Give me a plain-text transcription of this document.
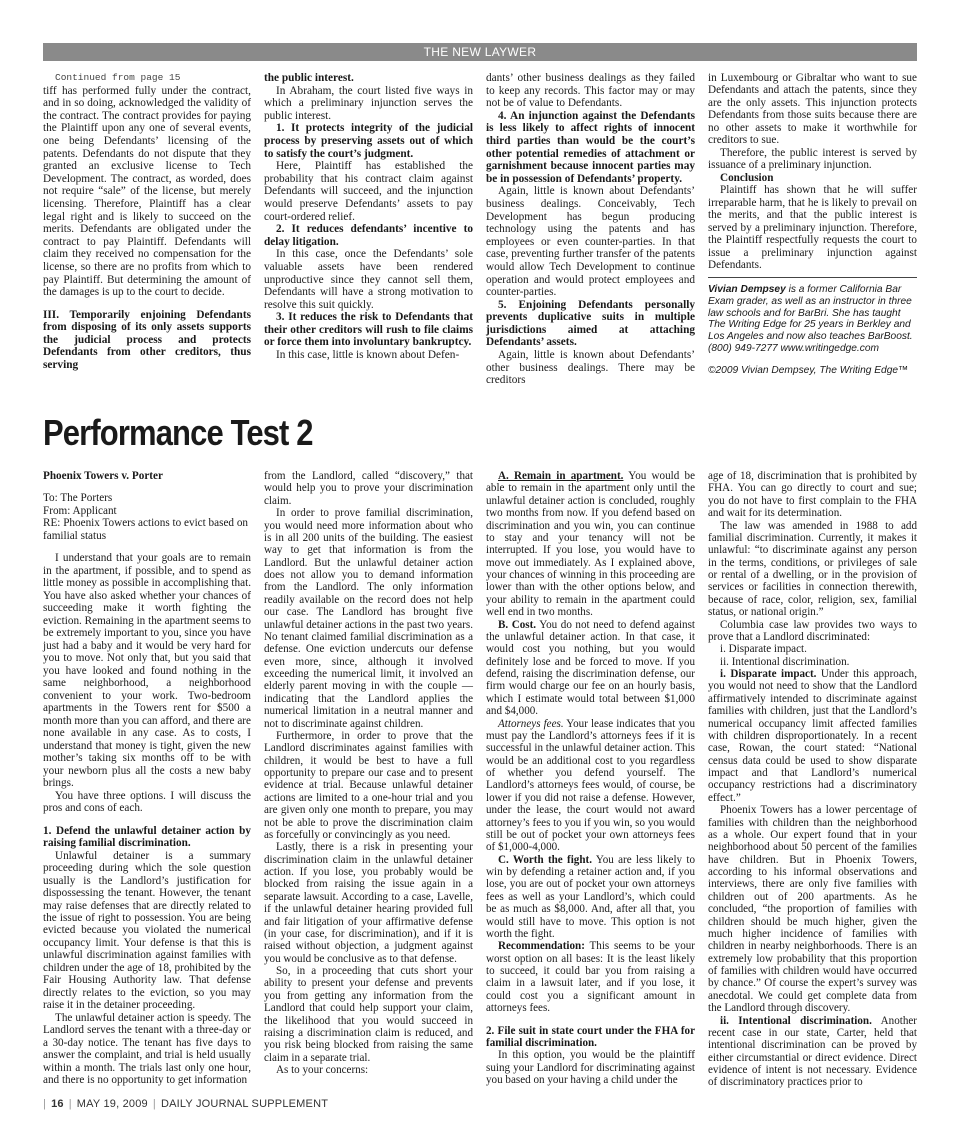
THE NEW LAYWER

Continued from page 15

tiff has performed fully under the contract, and in so doing, acknowledged the validity of the contract. The contract provides for paying the Plaintiff upon any one of several events, one being Defendants’ licensing of the patents. Defendants do not dispute that they granted an exclusive license to Tech Development. The contract, as worded, does not require “sale” of the license, but merely licensing. Therefore, Plaintiff has a clear legal right and is likely to succeed on the merits. Defendants are obligated under the contract to pay Plaintiff. Defendants will claim they received no compensation for the license, so there are no profits from which to pay Plaintiff. But determining the amount of the damages is up to the court to decide.

III. Temporarily enjoining Defendants from disposing of its only assets supports the judicial process and protects Defendants from other creditors, thus serving

the public interest.

In Abraham, the court listed five ways in which a preliminary injunction serves the public interest.

1. It protects integrity of the judicial process by preserving assets out of which to satisfy the court’s judgment.

Here, Plaintiff has established the probability that his contract claim against Defendants will succeed, and the injunction would preserve Defendants’ assets to pay court-ordered relief.

2. It reduces defendants’ incentive to delay litigation.

In this case, once the Defendants’ sole valuable assets have been rendered unproductive since they cannot sell them, Defendants will have a strong motivation to resolve this suit quickly.

3. It reduces the risk to Defendants that their other creditors will rush to file claims or force them into involuntary bankruptcy.

In this case, little is known about Defen-

dants’ other business dealings as they failed to keep any records. This factor may or may not be of value to Defendants.

4. An injunction against the Defendants is less likely to affect rights of innocent third parties than would be the court’s other potential remedies of attachment or garnishment because innocent parties may be in possession of Defendants’ property.

Again, little is known about Defendants’ business dealings. Conceivably, Tech Development has begun producing technology using the patents and has employees or even counter-parties. In that case, preventing further transfer of the patents would allow Tech Development to continue operation and would protect employees and counter-parties.

5. Enjoining Defendants personally prevents duplicative suits in multiple jurisdictions aimed at attaching Defendants’ assets.

Again, little is known about Defendants’ other business dealings. There may be creditors

in Luxembourg or Gibraltar who want to sue Defendants and attach the patents, since they are the only assets. This injunction protects Defendants from those suits because there are no other assets to make it worthwhile for creditors to sue.

Therefore, the public interest is served by issuance of a preliminary injunction.

Conclusion

Plaintiff has shown that he will suffer irreparable harm, that he is likely to prevail on the merits, and that the public interest is served by a preliminary injunction. Therefore, the Plaintiff respectfully requests the court to issue a preliminary injunction against Defendants.

Vivian Dempsey is a former California Bar Exam grader, as well as an instructor in three law schools and for BarBri. She has taught The Writing Edge for 25 years in Berkley and Los Angeles and now also teaches BarBoost. (800) 949-7277 www.writingedge.com
©2009 Vivian Dempsey, The Writing Edge™
Performance Test 2

Phoenix Towers v. Porter

To: The Porters

From: Applicant

RE: Phoenix Towers actions to evict based on familial status

I understand that your goals are to remain in the apartment, if possible, and to spend as little money as possible in accomplishing that. You have also asked whether your chances of succeeding make it worth fighting the eviction. Remaining in the apartment seems to be extremely important to you, since you have just had a baby and it would be very hard for you to move. Not only that, but you said that you have looked and found nothing in the same neighborhood, a neighborhood convenient to your work. Two-bedroom apartments in the Towers rent for $500 a month more than you can afford, and there are none available in any case. As to costs, I understand that money is tight, given the new mother’s taking six months off to be with your newborn plus all the costs a new baby brings.

You have three options. I will discuss the pros and cons of each.

1. Defend the unlawful detainer action by raising familial discrimination.

Unlawful detainer is a summary proceeding during which the sole question usually is the Landlord’s justification for dispossessing the tenant. However, the tenant may raise defenses that are directly related to the issue of right to possession. You are being evicted because you violated the numerical occupancy limit. Your defense is that this is unlawful discrimination against families with children under the age of 18, prohibited by the Fair Housing Authority law. That defense directly relates to the eviction, so you may raise it in the detainer proceeding.

The unlawful detainer action is speedy. The Landlord serves the tenant with a three-day or a 30-day notice. The tenant has five days to answer the complaint, and trial is held usually within a month. The trials last only one hour, and there is no opportunity to get information

from the Landlord, called “discovery,” that would help you to prove your discrimination claim.

In order to prove familial discrimination, you would need more information about who is in all 200 units of the building. The easiest way to get that information is from the Landlord. But the unlawful detainer action does not allow you to demand information from the Landlord. The only information readily available on the record does not help our case. The Landlord has brought five unlawful detainer actions in the past two years. No tenant claimed familial discrimination as a defense. One eviction undercuts our defense even more, since, although it involved exceeding the numerical limit, it involved an elderly parent moving in with the couple — indicating that the Landlord applies the numerical limitation in a neutral manner and not to discriminate against children.

Furthermore, in order to prove that the Landlord discriminates against families with children, it would be best to have a full opportunity to prepare our case and to present evidence at trial. Because unlawful detainer actions are limited to a one-hour trial and you are given only one month to prepare, you may not be able to prove the discrimination claim as forcefully or convincingly as you need.

Lastly, there is a risk in presenting your discrimination claim in the unlawful detainer action. If you lose, you probably would be blocked from raising the issue again in a separate lawsuit. According to a case, Lavelle, if the unlawful detainer hearing provided full and fair litigation of your affirmative defense (in your case, for discrimination), and if it is raised without objection, a judgment against you would be conclusive as to that defense.

So, in a proceeding that cuts short your ability to present your defense and prevents you from getting any information from the Landlord that could help support your claim, the likelihood that you would succeed in raising a discrimination claim is reduced, and you risk being blocked from raising the same claim in a separate trial.

As to your concerns:

A. Remain in apartment. You would be able to remain in the apartment only until the unlawful detainer action is concluded, roughly two months from now. If you defend based on discrimination and you win, you can continue to stay and your tenancy will not be interrupted. If you lose, you would have to move out immediately. As I explained above, your chances of winning in this proceeding are lower than with the other options below, and your ability to remain in the apartment could well end in two months.

B. Cost. You do not need to defend against the unlawful detainer action. In that case, it would cost you nothing, but you would definitely lose and be forced to move. If you defend, raising the discrimination defense, our firm would charge our fee on an hourly basis, which I estimate would total between $1,000 and $4,000.

Attorneys fees. Your lease indicates that you must pay the Landlord’s attorneys fees if it is successful in the unlawful detainer action. This would be an additional cost to you regardless of whether you defend yourself. The Landlord’s attorneys fees would, of course, be lower if you did not raise a defense. However, under the lease, the court would not award attorney’s fees to you if you win, so you would still be out of pocket your own attorneys fees of $1,000-4,000.

C. Worth the fight. You are less likely to win by defending a retainer action and, if you lose, you are out of pocket your own attorneys fees as well as your Landlord’s, which could be as much as $8,000. And, after all that, you would still have to move. This option is not worth the fight.

Recommendation: This seems to be your worst option on all bases: It is the least likely to succeed, it could bar you from raising a claim in a lawsuit later, and if you lose, it could cost you a significant amount in attorneys fees.

2. File suit in state court under the FHA for familial discrimination.

In this option, you would be the plaintiff suing your Landlord for discriminating against you based on your having a child under the

age of 18, discrimination that is prohibited by FHA. You can go directly to court and sue; you do not have to first complain to the FHA and wait for its determination.

The law was amended in 1988 to add familial discrimination. Currently, it makes it unlawful: “to discriminate against any person in the terms, conditions, or privileges of sale or rental of a dwelling, or in the provision of services or facilities in connection therewith, because of race, color, religion, sex, familial status, or national origin.”

Columbia case law provides two ways to prove that a Landlord discriminated:

i. Disparate impact.

ii. Intentional discrimination.

i. Disparate impact. Under this approach, you would not need to show that the Landlord affirmatively intended to discriminate against families with children, just that the Landlord’s numerical occupancy limit affected families with children disproportionately. In a recent case, Rowan, the court stated: “National census data could be used to show disparate impact and that Landlord’s numerical occupancy restrictions had a discriminatory effect.”

Phoenix Towers has a lower percentage of families with children than the neighborhood as a whole. Our expert found that in your neighborhood about 50 percent of the families have children. But in Phoenix Towers, according to his informal observations and interviews, there are only five families with children out of 200 apartments. As he concluded, “the proportion of families with children should be much higher, given the much higher incidence of families with children in nearby neighborhoods. There is an extremely low probability that this proportion of families with children would have occurred by chance.” Of course the expert’s survey was anecdotal. We could get complete data from the Landlord through discovery.

ii. Intentional discrimination. Another recent case in our state, Carter, held that intentional discrimination can be proved by either circumstantial or direct evidence. Direct evidence of intent is not necessary. Evidence of discriminatory practices prior to

| 16 | MAY 19, 2009 | DAILY JOURNAL SUPPLEMENT
